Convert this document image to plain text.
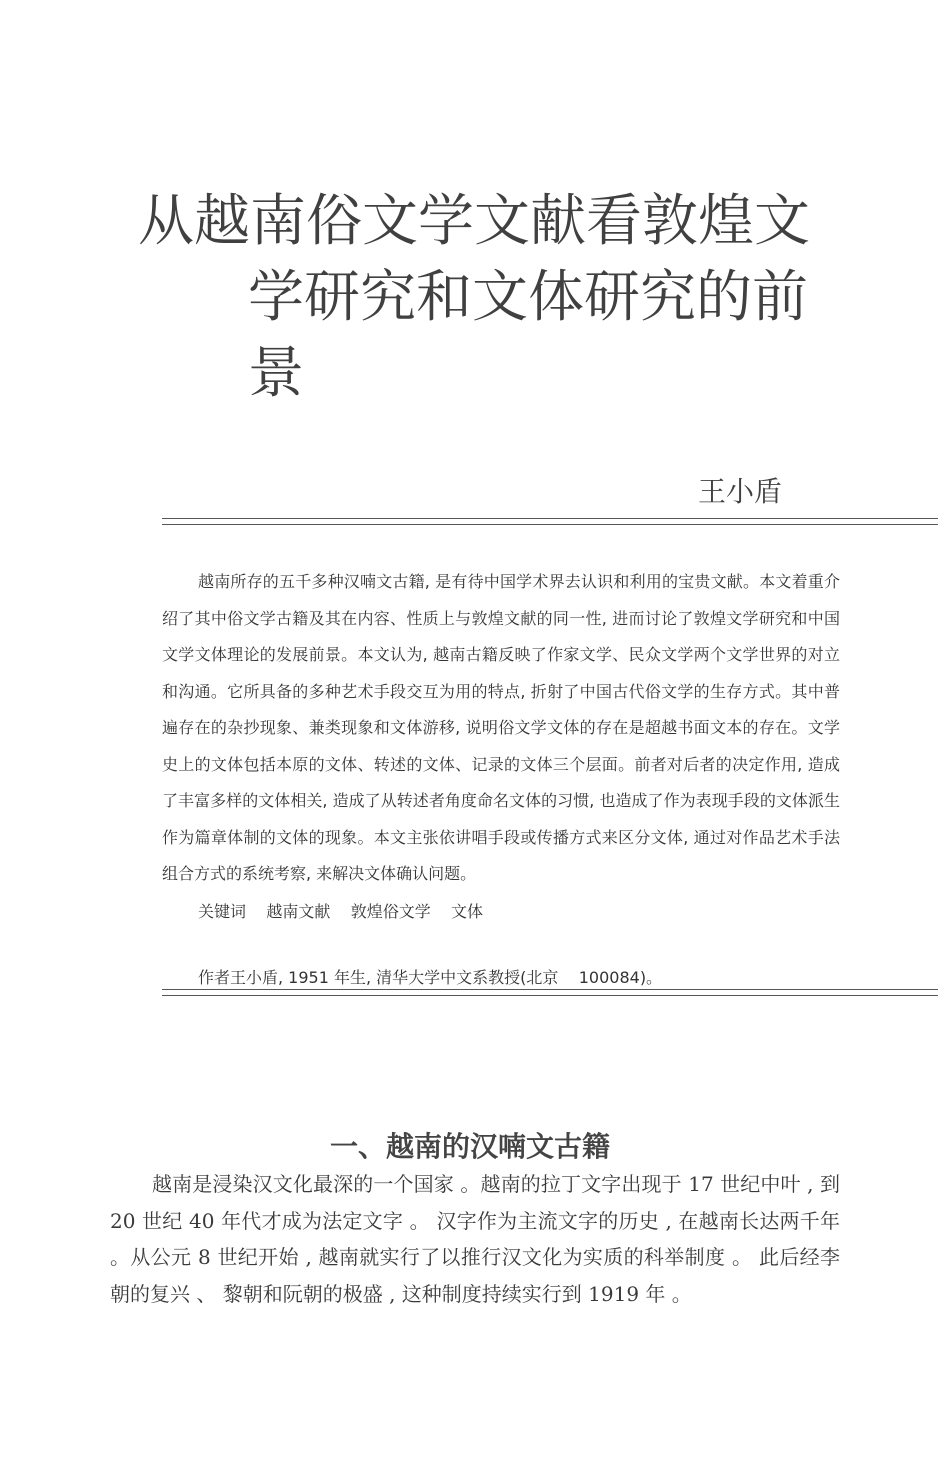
从越南俗文学文献看敦煌文
学研究和文体研究的前
景
王小盾

越南所存的五千多种汉喃文古籍, 是有待中国学术界去认识和利用的宝贵文献。本文着重介绍了其中俗文学古籍及其在内容、性质上与敦煌文献的同一性, 进而讨论了敦煌文学研究和中国文学文体理论的发展前景。本文认为, 越南古籍反映了作家文学、民众文学两个文学世界的对立和沟通。它所具备的多种艺术手段交互为用的特点, 折射了中国古代俗文学的生存方式。其中普遍存在的杂抄现象、兼类现象和文体游移, 说明俗文学文体的存在是超越书面文本的存在。文学史上的文体包括本原的文体、转述的文体、记录的文体三个层面。前者对后者的决定作用, 造成了丰富多样的文体相关, 造成了从转述者角度命名文体的习惯, 也造成了作为表现手段的文体派生作为篇章体制的文体的现象。本文主张依讲唱手段或传播方式来区分文体, 通过对作品艺术手法组合方式的系统考察, 来解决文体确认问题。

关键词    越南文献    敦煌俗文学    文体
作者王小盾, 1951 年生, 清华大学中文系教授(北京    100084)。
一、越南的汉喃文古籍

越南是浸染汉文化最深的一个国家 。越南的拉丁文字出现于 17 世纪中叶 , 到 20 世纪 40 年代才成为法定文字 。 汉字作为主流文字的历史 , 在越南长达两千年 。从公元 8 世纪开始 , 越南就实行了以推行汉文化为实质的科举制度 。 此后经李朝的复兴 、 黎朝和阮朝的极盛 , 这种制度持续实行到 1919 年 。
